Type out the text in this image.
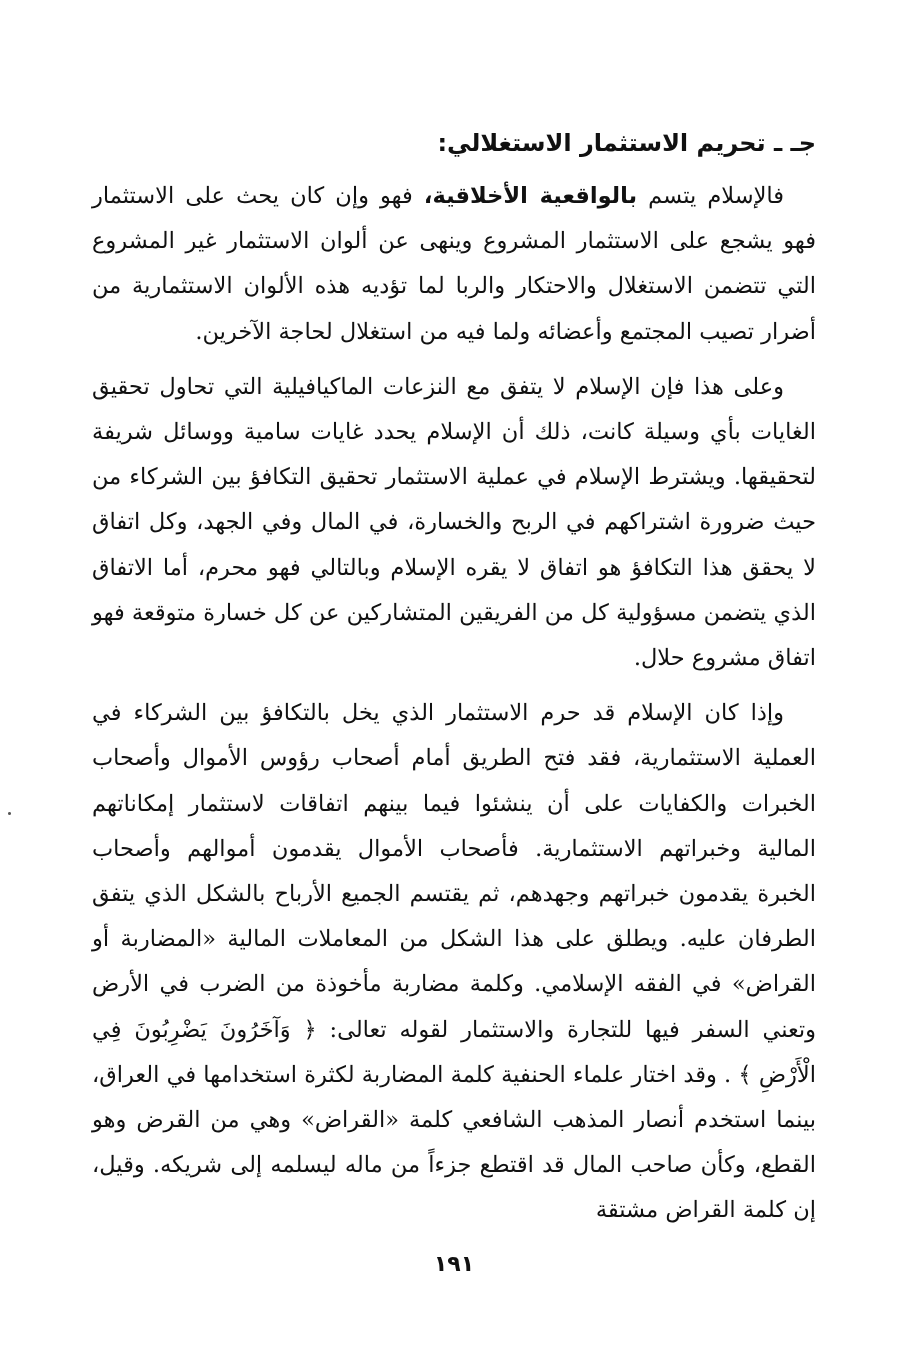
جـ ـ تحريم الاستثمار الاستغلالي:

فالإسلام يتسم بالواقعية الأخلاقية، فهو وإن كان يحث على الاستثمار فهو يشجع على الاستثمار المشروع وينهى عن ألوان الاستثمار غير المشروع التي تتضمن الاستغلال والاحتكار والربا لما تؤديه هذه الألوان الاستثمارية من أضرار تصيب المجتمع وأعضائه ولما فيه من استغلال لحاجة الآخرين.

وعلى هذا فإن الإسلام لا يتفق مع النزعات الماكيافيلية التي تحاول تحقيق الغايات بأي وسيلة كانت، ذلك أن الإسلام يحدد غايات سامية ووسائل شريفة لتحقيقها. ويشترط الإسلام في عملية الاستثمار تحقيق التكافؤ بين الشركاء من حيث ضرورة اشتراكهم في الربح والخسارة، في المال وفي الجهد، وكل اتفاق لا يحقق هذا التكافؤ هو اتفاق لا يقره الإسلام وبالتالي فهو محرم، أما الاتفاق الذي يتضمن مسؤولية كل من الفريقين المتشاركين عن كل خسارة متوقعة فهو اتفاق مشروع حلال.

وإذا كان الإسلام قد حرم الاستثمار الذي يخل بالتكافؤ بين الشركاء في العملية الاستثمارية، فقد فتح الطريق أمام أصحاب رؤوس الأموال وأصحاب الخبرات والكفايات على أن ينشئوا فيما بينهم اتفاقات لاستثمار إمكاناتهم المالية وخبراتهم الاستثمارية. فأصحاب الأموال يقدمون أموالهم وأصحاب الخبرة يقدمون خبراتهم وجهدهم، ثم يقتسم الجميع الأرباح بالشكل الذي يتفق الطرفان عليه. ويطلق على هذا الشكل من المعاملات المالية «المضاربة أو القراض» في الفقه الإسلامي. وكلمة مضاربة مأخوذة من الضرب في الأرض وتعني السفر فيها للتجارة والاستثمار لقوله تعالى: ﴿ وَآخَرُونَ يَضْرِبُونَ فِي الْأَرْضِ ﴾ . وقد اختار علماء الحنفية كلمة المضاربة لكثرة استخدامها في العراق، بينما استخدم أنصار المذهب الشافعي كلمة «القراض» وهي من القرض وهو القطع، وكأن صاحب المال قد اقتطع جزءاً من ماله ليسلمه إلى شريكه. وقيل، إن كلمة القراض مشتقة

١٩١
